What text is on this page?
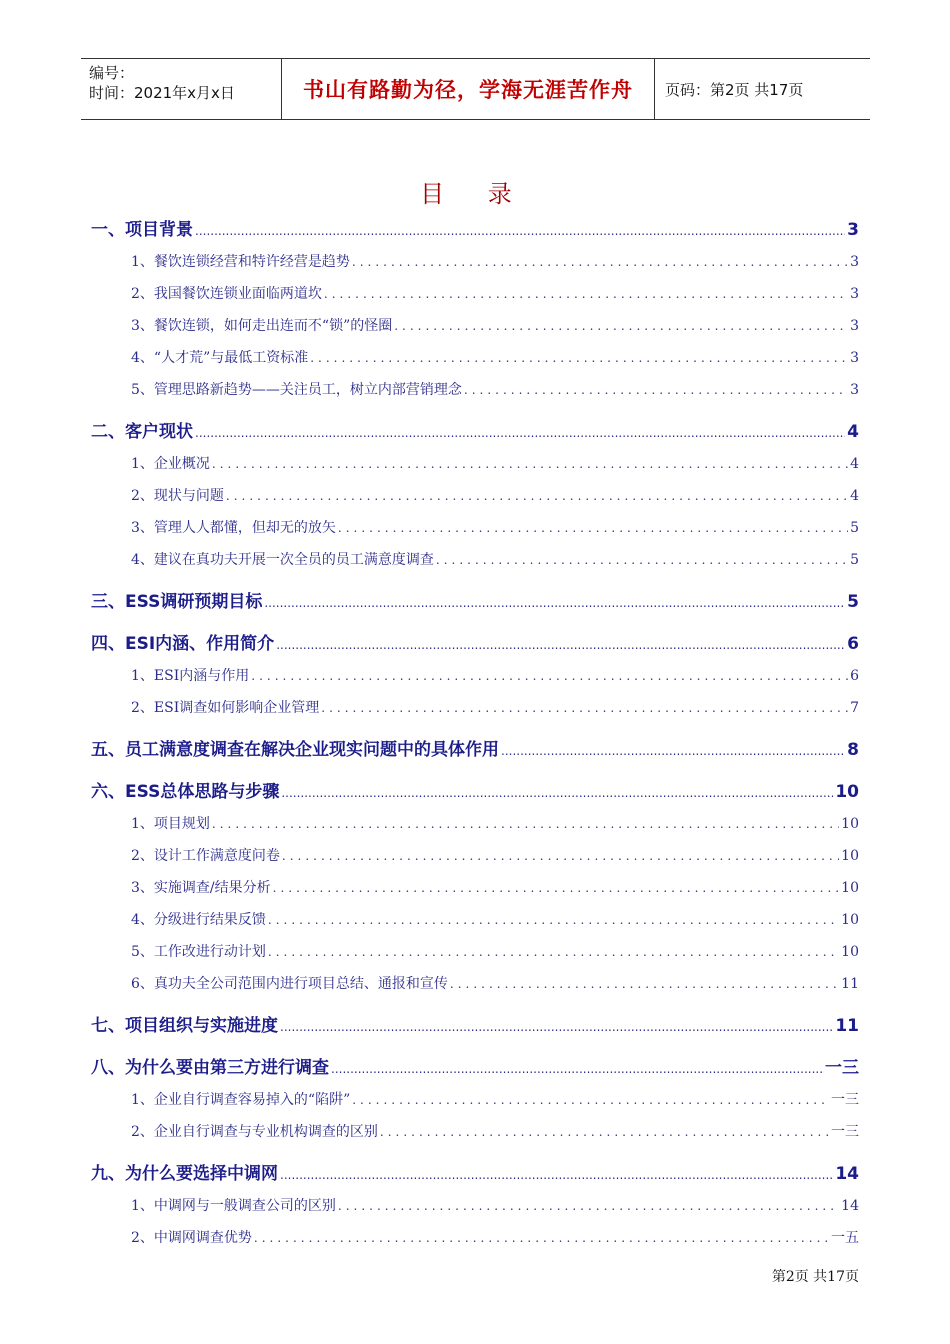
编号：
时间：2021年x月x日	书山有路勤为径，学海无涯苦作舟	页码：第2页 共17页
目 录
一、项目背景 .....	3
1、餐饮连锁经营和特许经营是趋势 .....	3
2、我国餐饮连锁业面临两道坎 .....	3
3、餐饮连锁，如何走出连而不“锁”的怪圈 .....	3
4、“人才荒”与最低工资标准 .....	3
5、管理思路新趋势——关注员工，树立内部营销理念 .....	3
二、客户现状 .....	4
1、企业概况 .....	4
2、现状与问题 .....	4
3、管理人人都懂，但却无的放矢 .....	5
4、建议在真功夫开展一次全员的员工满意度调查 .....	5
三、ESS调研预期目标 .....	5
四、ESI内涵、作用简介 .....	6
1、ESI内涵与作用 .....	6
2、ESI调查如何影响企业管理 .....	7
五、员工满意度调查在解决企业现实问题中的具体作用 .....	8
六、ESS总体思路与步骤 .....	10
1、项目规划 .....	10
2、设计工作满意度问卷 .....	10
3、实施调查/结果分析 .....	10
4、分级进行结果反馈 .....	10
5、工作改进行动计划 .....	10
6、真功夫全公司范围内进行项目总结、通报和宣传 .....	11
七、项目组织与实施进度 .....	11
八、为什么要由第三方进行调查 .....	一三
1、企业自行调查容易掉入的“陷阱” .....	一三
2、企业自行调查与专业机构调查的区别 .....	一三
九、为什么要选择中调网 .....	14
1、中调网与一般调查公司的区别 .....	14
2、中调网调查优势 .....	一五
第2页 共17页
